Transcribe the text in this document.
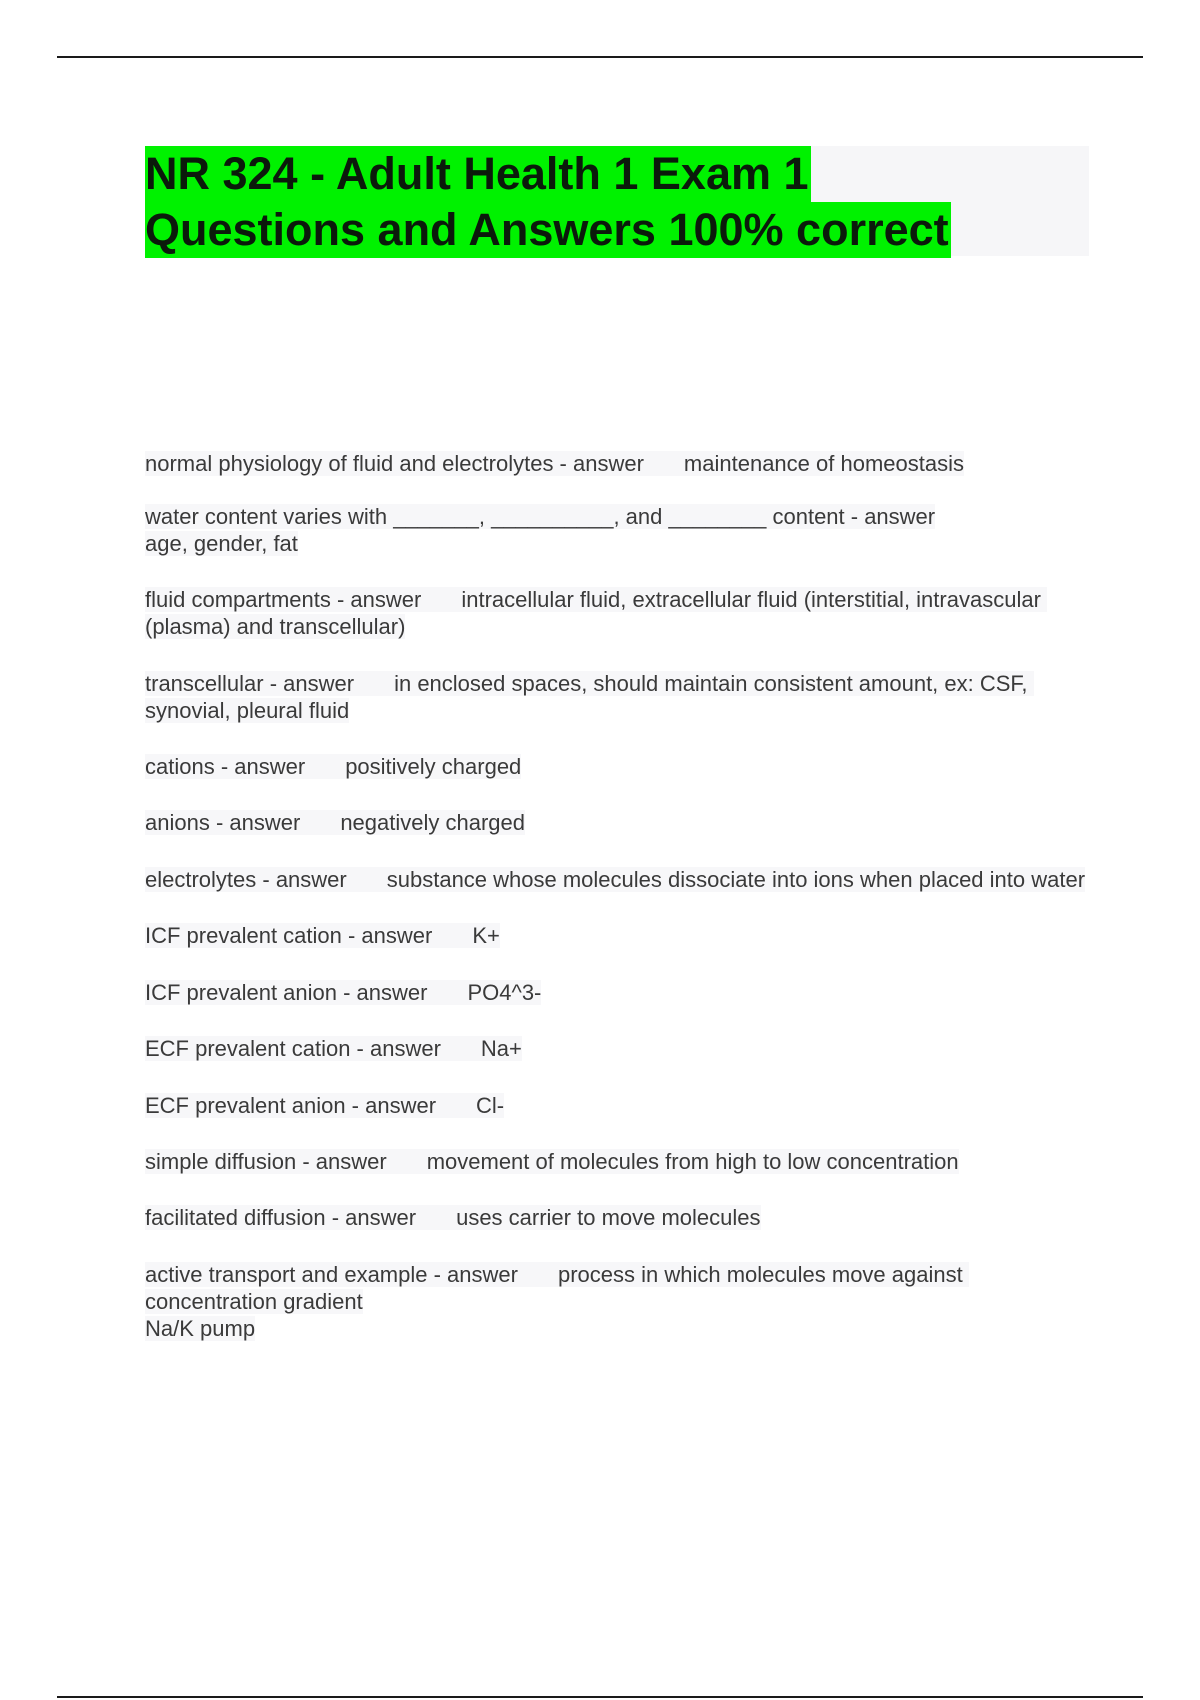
NR 324 - Adult Health 1 Exam 1
Questions and Answers 100% correct
normal physiology of fluid and electrolytes - answer maintenance of homeostasis
water content varies with _______, __________, and ________ content - answer
age, gender, fat
fluid compartments - answer intracellular fluid, extracellular fluid (interstitial, intravascular (plasma) and transcellular)
transcellular - answer in enclosed spaces, should maintain consistent amount, ex: CSF, synovial, pleural fluid
cations - answer positively charged
anions - answer negatively charged
electrolytes - answer substance whose molecules dissociate into ions when placed into water
ICF prevalent cation - answer K+
ICF prevalent anion - answer PO4^3-
ECF prevalent cation - answer Na+
ECF prevalent anion - answer Cl-
simple diffusion - answer movement of molecules from high to low concentration
facilitated diffusion - answer uses carrier to move molecules
active transport and example - answer process in which molecules move against concentration gradient
Na/K pump
